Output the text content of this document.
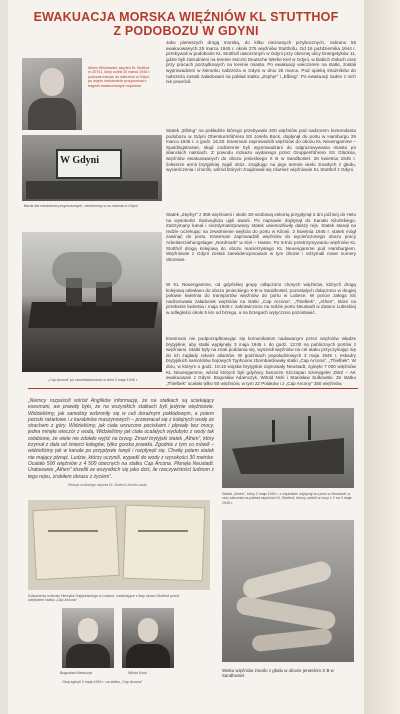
EWAKUACJA MORSKA WIĘŹNIÓW KL STUTTHOF
Z PODOBOZU W GDYNI
Alfons Wiśniewski, więzień KL Stutthof nr 20701, który uciekł 25 marca 1945 r. podczas marszu do nabrzeża w Gdyni, po wojnie wielokrotnie przypominał o tragedii ewakuowanych więźniów
W Gdyni
Barak dla robotników przymusowych, zamieniony w ss-mannia w Gdyni
Jako pierwszych drogą morską, do kilku nieznanych przybocznych, zabrano 55 ewakuowanych 25 marca 1945 r. około 276 więźniów Stutthofu. Od 16 października 1944 r. przebywali w podobozie KL Stutthof utworzonym w Gdyni przy obecnej ulicy Energetyków 11, gdzie byli zatrudnieni na terenie stoczni Deutsche Werke Kiel w Gdyni, w Babich Dołach oraz przy pracach porządkowych na terenie miasta. Po ewakuacji wieczorem na statki, zostali wyprowadzeni w kierunku nabrzeża w Gdyni w dniu 25 marca. Pod opieką strażników do nabrzeża zostali załadowani na pokład statku „Zephyr” i „Elbing”. Po ewakuacji żaden z nich nie powrócił.
Statek „Elbing” na pokładzie którego przebywało 200 więźniów pod nadzorem komendanta podobozu w Gdyni Obersturmführera SS Josefa Bock, dopłynął do portu w Hamburgu 29 marca 1945 r. o godz. 16.20. Esesmani zaprowadzili więźniów do obozu KL Neuengamme – Spaldingstrasse, skąd codziennie byli wyprowadzani do odgruzowywania miasta po alianckich nalotach. Z powodu rozkazu wydanego przez Gruppenführera SS Glücksa, więźniów ewakuowanych do obozu jenieckiego X B w Sandbostel. 28 kwietnia 1945 r. żołnierze armii brytyjskiej zajęli obóz, znajdując na jego terenie wielu zmarłych z głodu, wycieńczenia i chorób, wśród których znajdowali się również więźniowie KL Stutthof z Gdyni.
Statek „Zephyr” z 368 więźniami i około 30-osobową eskortą przypłynął 3 dni później do Helu na wysokości Świnoujścia ujęli awarii. Po naprawie dopłynął do Kanału Kilońskiego. Zatrzymany kanał i niezdymaterpowany statek uniemożliwiły dalszy rejs. Statek stanął na redzie oczekując na zewolnienie wejścia do portu w Kilonii. 2 kwietnia 1945 r. statek mógł zawinąć do portu. Esesmani zaprowadzili więźniów do wycieńczonego obozu pracy Arbeitserziehungslager „Nordmark” w Kiel – Hasse. Po 6-tnio przetrzymywaniu więźniów KL Stutthof drogą kolejową do obozu macierzystego KL Neuengamme pod Hamburgiem. Więźniowie z Gdyni zostali zaewidencjonowani w tym obozie i otrzymali nowe numery obozowe.
W KL Neuengamme, od gdyńskiej grupy odłączono chorych więźniów, których drogą kolejową odesłano do obozu jenieckiego X-B w Sandbostel, pozostałych dołączono w drugiej połowie kwietnia do transportów więźniów do portu w Lubece. W porcie załoga SS nadzorowała załadunek więźniów na statki „Cap Arcona”, „Thielbek”, „Athen”, które na przełomie kwietnia i maja 1945 r. zakotwiczono na redzie portu Neustadt w Zatoce Lubeckiej w odległości około 5 km od brzegu, a na brzegach wytyczono pozostawić.
Esesmani nie podporządkowując się komunikatom nadawanym przez więźniów władze brytyjskie, aby statki wypłynęły 3 maja 1945 r. do godz. 12:00 na publicznych portów z więźniami. Statki były na znak poddania się, wyszedł więźniów na cel ataku przyczyniając się do ich zagłady rękami aliantów. W godzinach popołudniowych 3 maja 1945 r. eskadry brytyjskich samolotów bojowych Typhoons zbombardowały statki „Cap Arcona”, „Thielbek”. W dniu, w którym o godz. 15:15 wojska brytyjskie zajmowały Neustadt, zginęło 7 000 więźniów KL Neuengamme, wśród których byli gdyńscy harcerze Szczepan Szerwgeler ZWZ – AK ewakuowani z Gdyni: Bogusław Adamczyk, Witold Ncki i Stanisław Sulkowski. Ze statku „Thielbek” ocalało tylko 50 więźniów, w tym 22 Polaków i z „Cap Arcony” 350 więźniów.
„Cap Arcona” po zbombardowaniu w dniu 3 maja 1945 r.
„Niemcy rozpuścili wśród Anglików informację, że na statkach są uciekający esesmani, aw prawdę było, że na wszystkich statkach byli jedynie więźniowie. Widzieliśmy, jak samoloty wzbroniły się w celi doraźnym pokładowym, a potem pociski rakietowe i z karabinów maszynowych – przewracał się z kolejnych wodę ze strachem z góry. Widzieliśmy, jak ciała wrzucono pociskami i pływały bez mocy, jedna minęła wieczór z wodą. Widzieliśmy jak ciała ocalałych wydobyto z wody tak osłabione, że wiele nie zdołało wyjść na brzeg. Zmarł brytyjski statek „Athen”, który trzymał z dala od śmierci kolegów, tylko gorzka prawda. Zgodnie z tym co mówili – widzieliśmy jak w kanale po przypływie tonęli i rozpłynęli się. Chwilę potem statek nie mający płynąć. Ludzie, którzy uczynili, wypadli do wody z wysokości 30 metrów. Ocalało 500 więźniów z 4 500 obecnych na statku Cap Arcona. Płonęła Neustadt. Uratowanie „Athen” strzelili ze wszystkich się jako dziś, ile rzeczywistości ludziom z tego rejsu, zrobiłem obrazu z życiem”.
Relacja ocalonego więźnia KL Stutthof Józefa Lasak
Statek „Athen”, który 3 maja 1945 r. z więźniami odpłynął do portu w Neustadt, w celu zabrania na pokład więźniów KL Stutthof, którzy uciekli w nocy z 2 na 3 maja 1945 r.
Dokumenty ucieczki Henryka Gajdzińskiego w Lubece, zwalniające z listy obozu Stutthof przed odejściem statku „Cap Arcona”
Bogusław Aleksczyk	Witold Kock
Obaj zginęli 3 maja 1945 r. na statku „Cap Arcona”
Wieku więźniów zmarło z głodu w obozie jenieckim X B w Sandbostel.
